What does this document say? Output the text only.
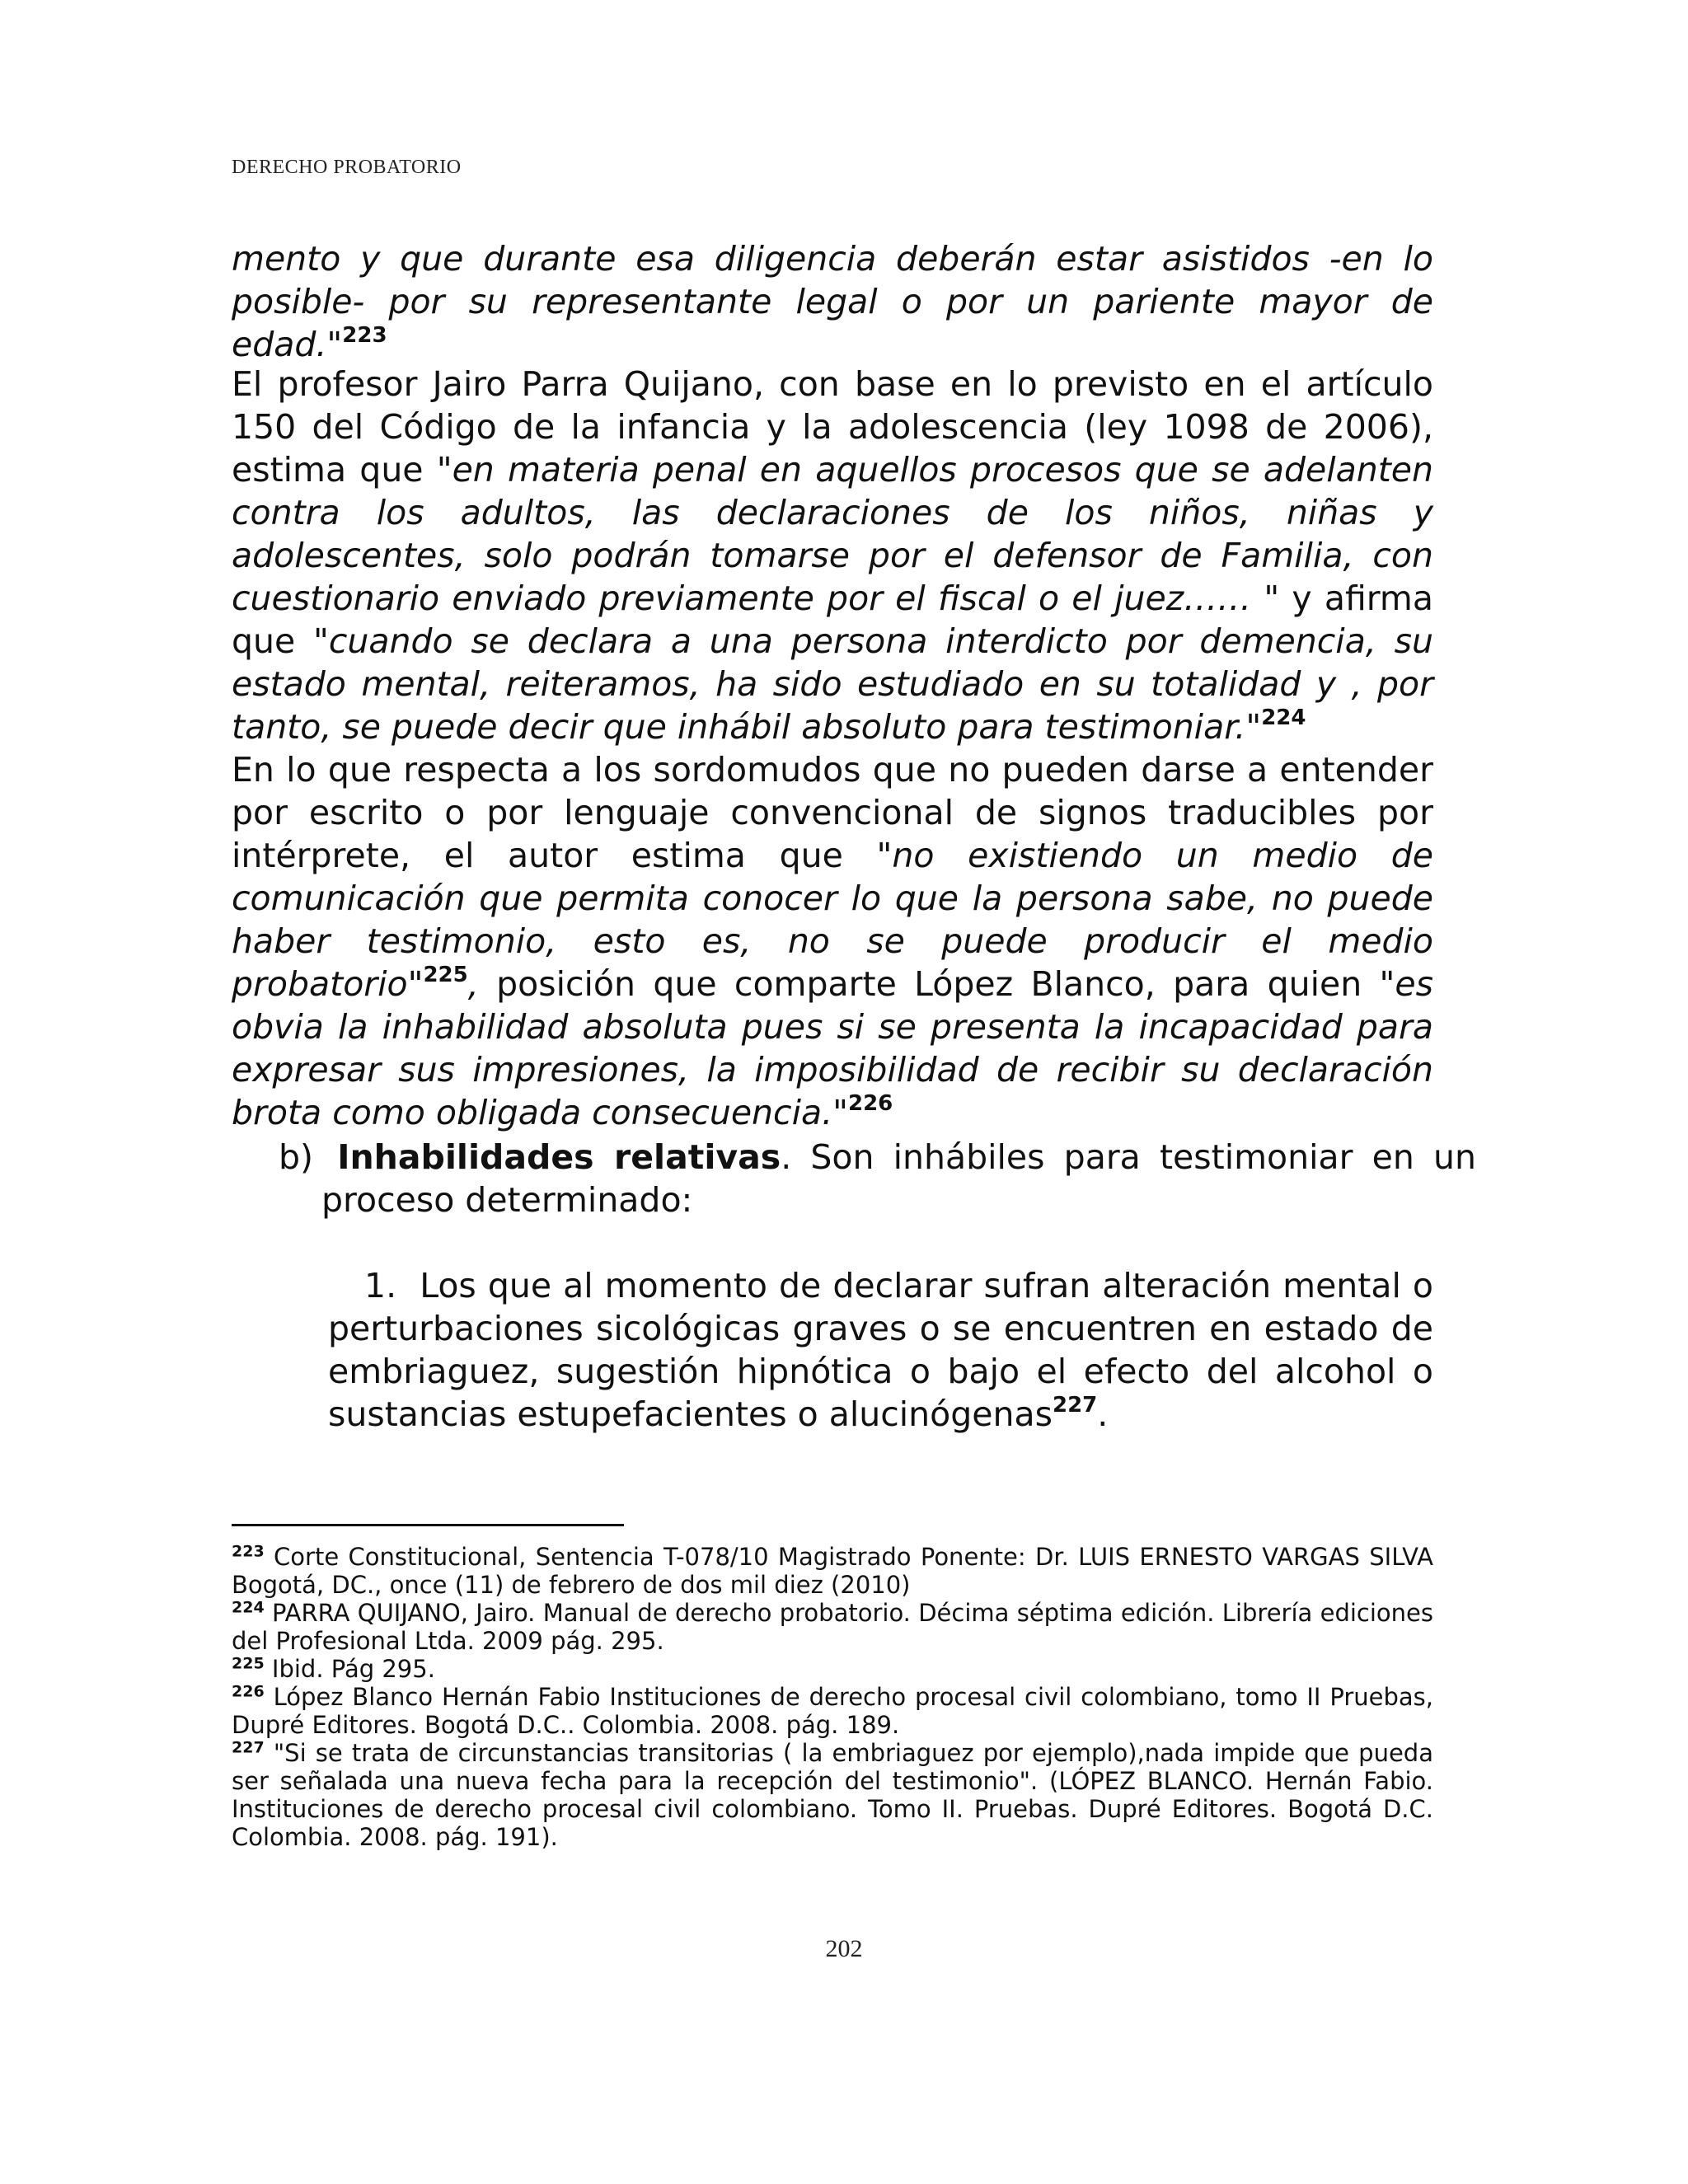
DERECHO PROBATORIO

mento y que durante esa diligencia deberán estar asistidos -en lo posible- por su representante legal o por un pariente mayor de edad."$^{223}$

El profesor Jairo Parra Quijano, con base en lo previsto en el artículo 150 del Código de la infancia y la adolescencia (ley 1098 de 2006), estima que "en materia penal en aquellos procesos que se adelanten contra los adultos, las declaraciones de los niños, niñas y adolescentes, solo podrán tomarse por el defensor de Familia, con cuestionario enviado previamente por el fiscal o el juez…… " y afirma que "cuando se declara a una persona interdicto por demencia, su estado mental, reiteramos, ha sido estudiado en su totalidad y , por tanto, se puede decir que inhábil absoluto para testimoniar."$^{224}$

En lo que respecta a los sordomudos que no pueden darse a entender por escrito o por lenguaje convencional de signos traducibles por intérprete, el autor estima que "no existiendo un medio de comunicación que permita conocer lo que la persona sabe, no puede haber testimonio, esto es, no se puede producir el medio probatorio"$^{225}$, posición que comparte López Blanco, para quien "es obvia la inhabilidad absoluta pues si se presenta la incapacidad para expresar sus impresiones, la imposibilidad de recibir su declaración brota como obligada consecuencia."$^{226}$

b) Inhabilidades relativas. Son inhábiles para testimoniar en un proceso determinado:

1. Los que al momento de declarar sufran alteración mental o perturbaciones sicológicas graves o se encuentren en estado de embriaguez, sugestión hipnótica o bajo el efecto del alcohol o sustancias estupefacientes o alucinógenas$^{227}$.

$^{223}$ Corte Constitucional, Sentencia T-078/10 Magistrado Ponente: Dr. LUIS ERNESTO VARGAS SILVA Bogotá, DC., once (11) de febrero de dos mil diez (2010)

$^{224}$ PARRA QUIJANO, Jairo. Manual de derecho probatorio. Décima séptima edición. Librería ediciones del Profesional Ltda. 2009 pág. 295.

$^{225}$ Ibid. Pág 295.

$^{226}$ López Blanco Hernán Fabio Instituciones de derecho procesal civil colombiano, tomo II Pruebas, Dupré Editores. Bogotá D.C.. Colombia. 2008. pág. 189.

$^{227}$ "Si se trata de circunstancias transitorias ( la embriaguez por ejemplo),nada impide que pueda ser señalada una nueva fecha para la recepción del testimonio". (LÓPEZ BLANCO. Hernán Fabio. Instituciones de derecho procesal civil colombiano. Tomo II. Pruebas. Dupré Editores. Bogotá D.C. Colombia. 2008. pág. 191).

202
